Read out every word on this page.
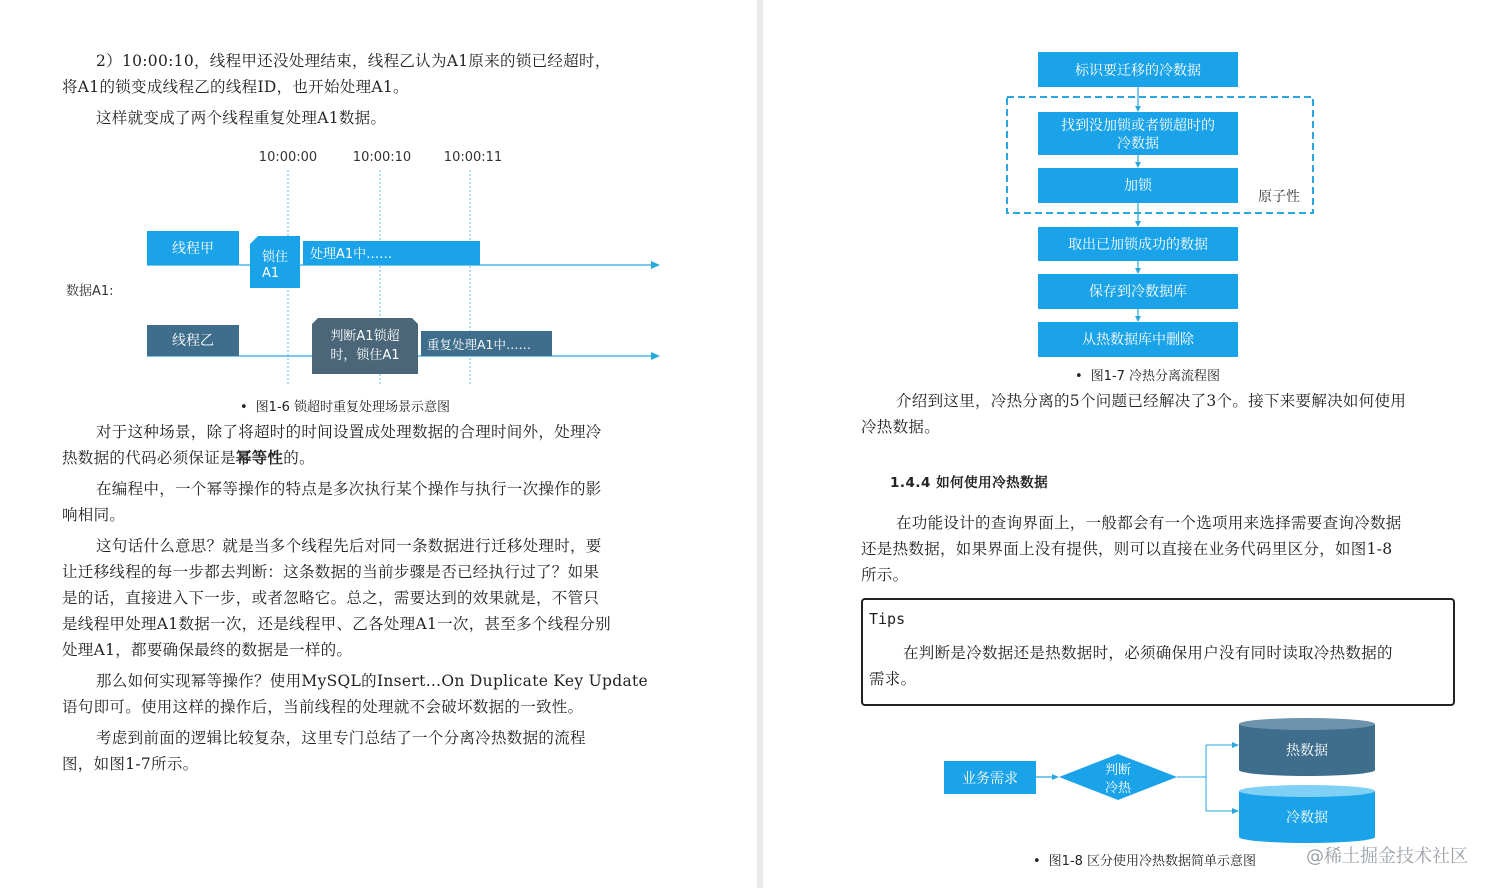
2）10:00:10，线程甲还没处理结束，线程乙认为A1原来的锁已经超时，

将A1的锁变成线程乙的线程ID，也开始处理A1。

这样就变成了两个线程重复处理A1数据。

10:00:00	10:00:10	10:00:11
数据A1:
线程甲
锁住
A1
处理A1中……
线程乙	判断A1锁超
时，锁住A1
重复处理A1中……
• 图1-6 锁超时重复处理场景示意图

对于这种场景，除了将超时的时间设置成处理数据的合理时间外，处理冷

热数据的代码必须保证是幂等性的。

在编程中，一个幂等操作的特点是多次执行某个操作与执行一次操作的影

响相同。

这句话什么意思？就是当多个线程先后对同一条数据进行迁移处理时，要

让迁移线程的每一步都去判断：这条数据的当前步骤是否已经执行过了？如果

是的话，直接进入下一步，或者忽略它。总之，需要达到的效果就是，不管只

是线程甲处理A1数据一次，还是线程甲、乙各处理A1一次，甚至多个线程分别

处理A1，都要确保最终的数据是一样的。

那么如何实现幂等操作？使用MySQL的Insert…On Duplicate Key Update

语句即可。使用这样的操作后，当前线程的处理就不会破坏数据的一致性。

考虑到前面的逻辑比较复杂，这里专门总结了一个分离冷热数据的流程

图，如图1-7所示。

标识要迁移的冷数据
找到没加锁或者锁超时的
冷数据
加锁
原子性
取出已加锁成功的数据
保存到冷数据库
从热数据库中删除
• 图1-7 冷热分离流程图

介绍到这里，冷热分离的5个问题已经解决了3个。接下来要解决如何使用

冷热数据。

1.4.4 如何使用冷热数据

在功能设计的查询界面上，一般都会有一个选项用来选择需要查询冷数据

还是热数据，如果界面上没有提供，则可以直接在业务代码里区分，如图1-8

所示。

Tips
在判断是冷数据还是热数据时，必须确保用户没有同时读取冷热数据的
需求。
业务需求
判断
冷热
热数据
冷数据
• 图1-8 区分使用冷热数据简单示意图	@稀土掘金技术社区
